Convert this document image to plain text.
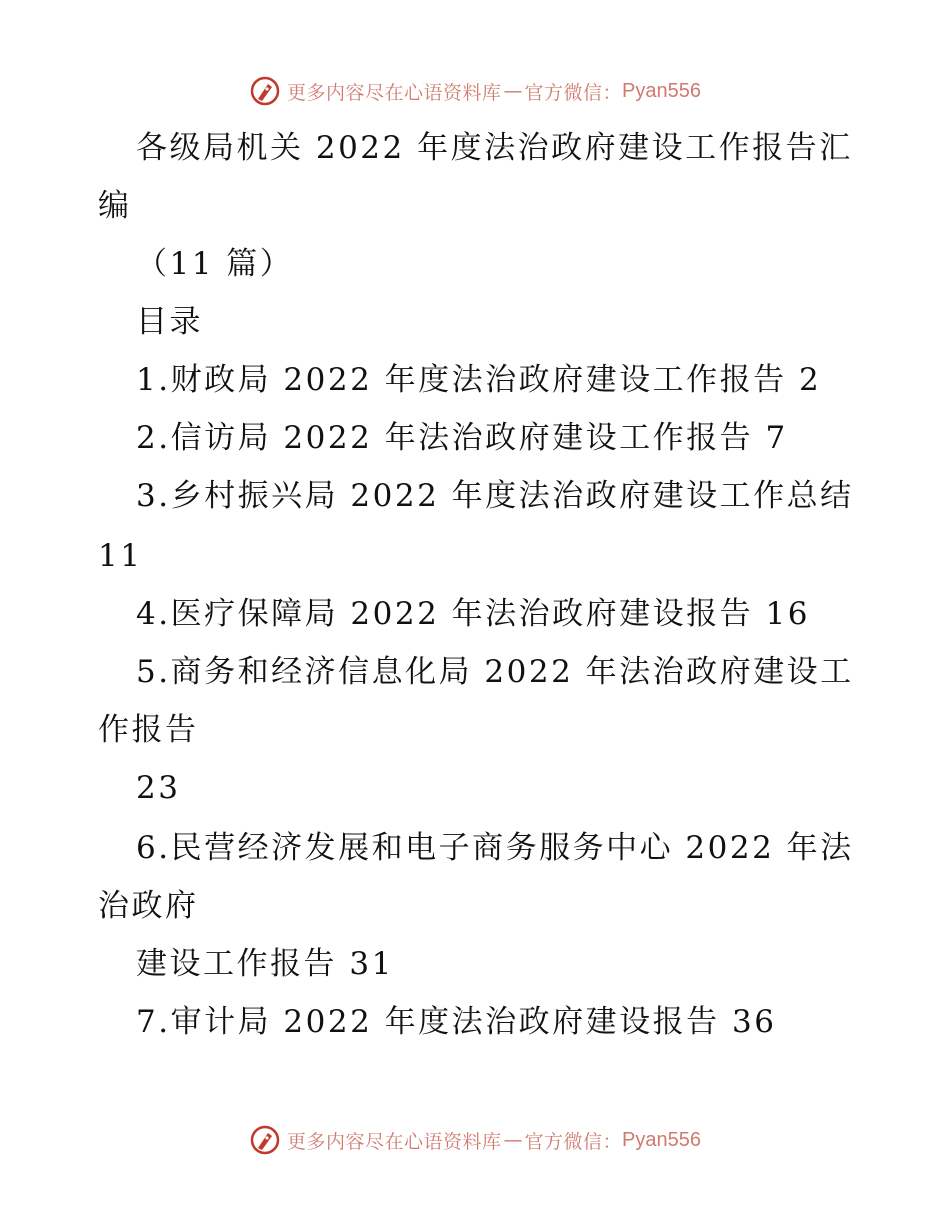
更多内容尽在心语资料库 — 官方微信： Pyan556
各级局机关 2022 年度法治政府建设工作报告汇
编
（11 篇）
目录
1.财政局 2022 年度法治政府建设工作报告 2
2.信访局 2022 年法治政府建设工作报告 7
3.乡村振兴局 2022 年度法治政府建设工作总结
11
4.医疗保障局 2022 年法治政府建设报告 16
5.商务和经济信息化局 2022 年法治政府建设工
作报告
23
6.民营经济发展和电子商务服务中心 2022 年法
治政府
建设工作报告 31
7.审计局 2022 年度法治政府建设报告 36
更多内容尽在心语资料库 — 官方微信： Pyan556
